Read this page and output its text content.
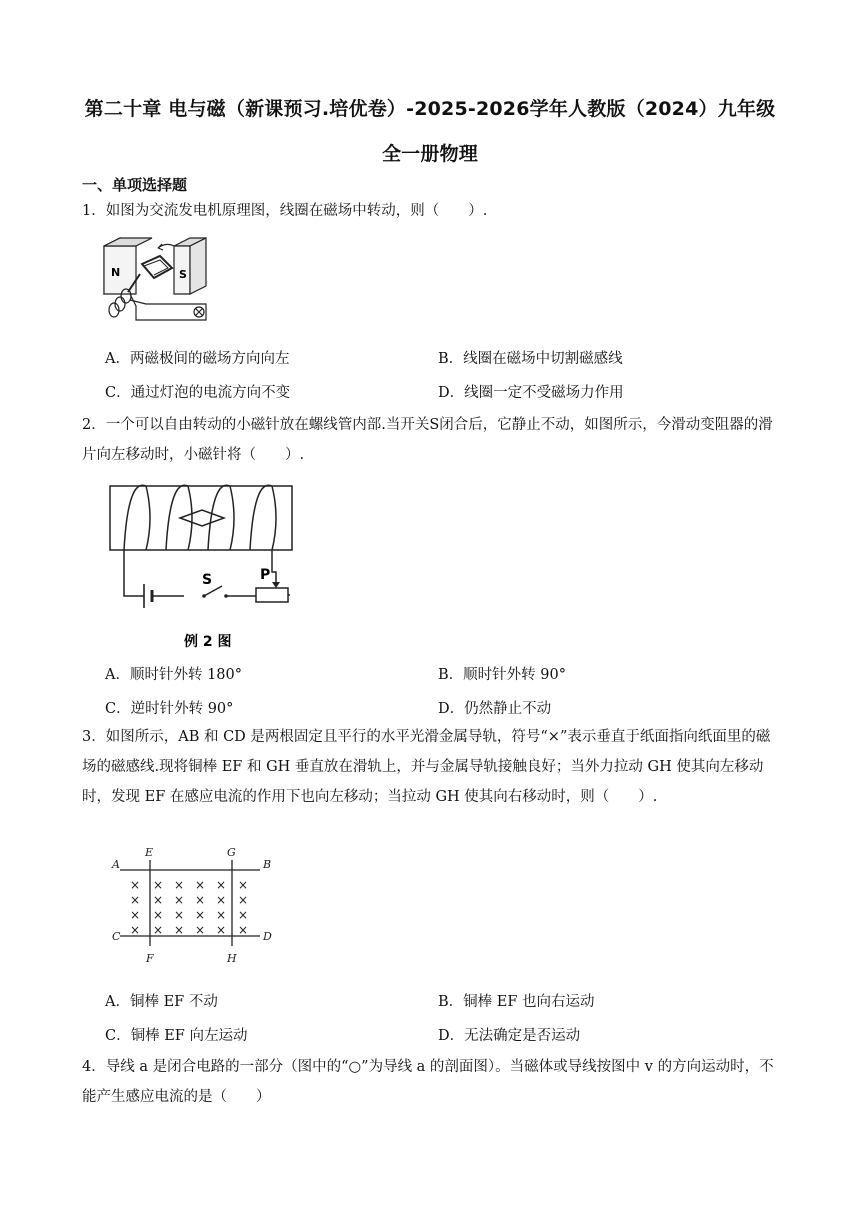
第二十章 电与磁（新课预习.培优卷）-2025-2026学年人教版（2024）九年级
全一册物理
一、单项选择题
1．如图为交流发电机原理图，线圈在磁场中转动，则（　　）.
N	S
A．两磁极间的磁场方向向左	B．线圈在磁场中切割磁感线
C．通过灯泡的电流方向不变	D．线圈一定不受磁场力作用
2．一个可以自由转动的小磁针放在螺线管内部.当开关S闭合后，它静止不动，如图所示，今滑动变阻器的滑片向左移动时，小磁针将（　　）.
S	P
例 2 图
A．顺时针外转 180°	B．顺时针外转 90°
C．逆时针外转 90°	D．仍然静止不动
3．如图所示，AB 和 CD 是两根固定且平行的水平光滑金属导轨，符号“×”表示垂直于纸面指向纸面里的磁场的磁感线.现将铜棒 EF 和 GH 垂直放在滑轨上，并与金属导轨接触良好；当外力拉动 GH 使其向左移动时，发现 EF 在感应电流的作用下也向左移动；当拉动 GH 使其向右移动时，则（　　）.
× × × × × ×
× × × × × ×
× × × × × ×
× × × × × ×
A	B
C	D
E
F
G
H
A．铜棒 EF 不动	B．铜棒 EF 也向右运动
C．铜棒 EF 向左运动	D．无法确定是否运动
4．导线 a 是闭合电路的一部分（图中的“○”为导线 a 的剖面图）。当磁体或导线按图中 v 的方向运动时，不能产生感应电流的是（　　）
